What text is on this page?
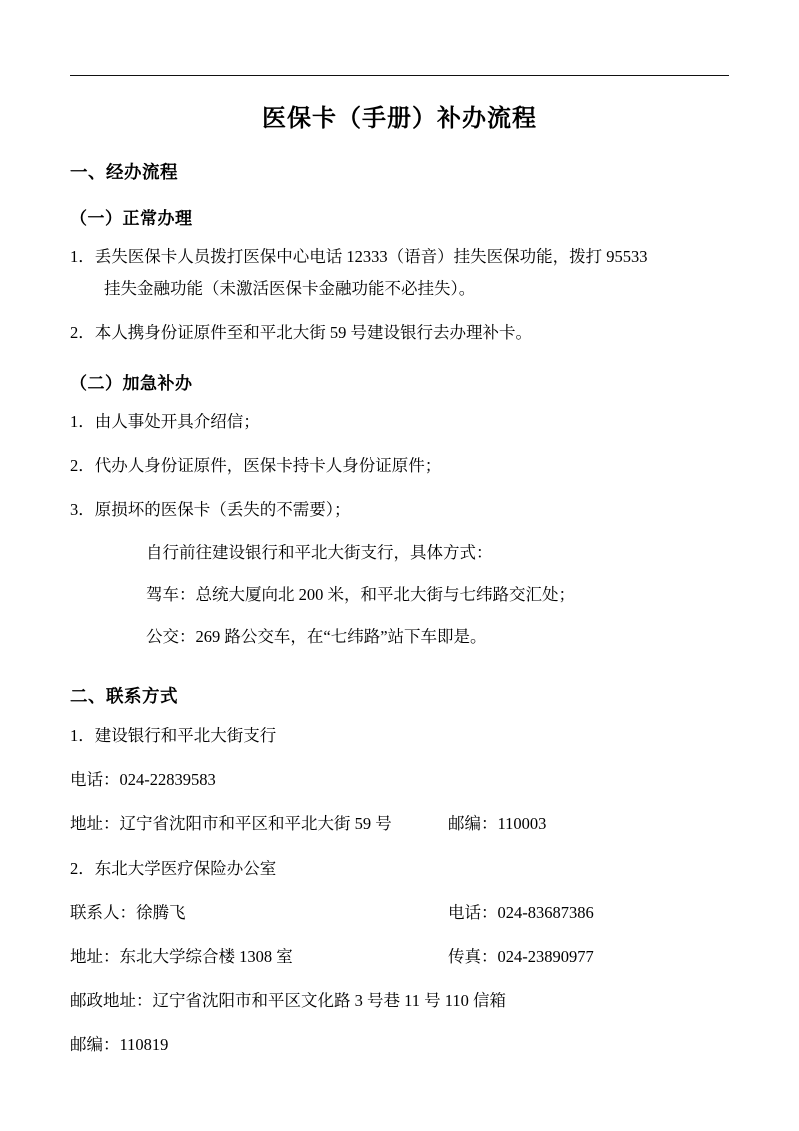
医保卡（手册）补办流程
一、经办流程
（一）正常办理

1．丢失医保卡人员拨打医保中心电话 12333（语音）挂失医保功能，拨打 95533
挂失金融功能（未激活医保卡金融功能不必挂失）。

2．本人携身份证原件至和平北大街 59 号建设银行去办理补卡。

（二）加急补办

1．由人事处开具介绍信；

2．代办人身份证原件，医保卡持卡人身份证原件；

3．原损坏的医保卡（丢失的不需要）；

自行前往建设银行和平北大街支行，具体方式：
驾车：总统大厦向北 200 米，和平北大街与七纬路交汇处；
公交：269 路公交车，在“七纬路”站下车即是。
二、联系方式

1．建设银行和平北大街支行

电话：024-22839583
地址：辽宁省沈阳市和平区和平北大街 59 号	邮编：110003

2．东北大学医疗保险办公室

联系人：徐腾飞	电话：024-83687386
地址：东北大学综合楼 1308 室	传真：024-23890977
邮政地址：辽宁省沈阳市和平区文化路 3 号巷 11 号 110 信箱
邮编：110819
